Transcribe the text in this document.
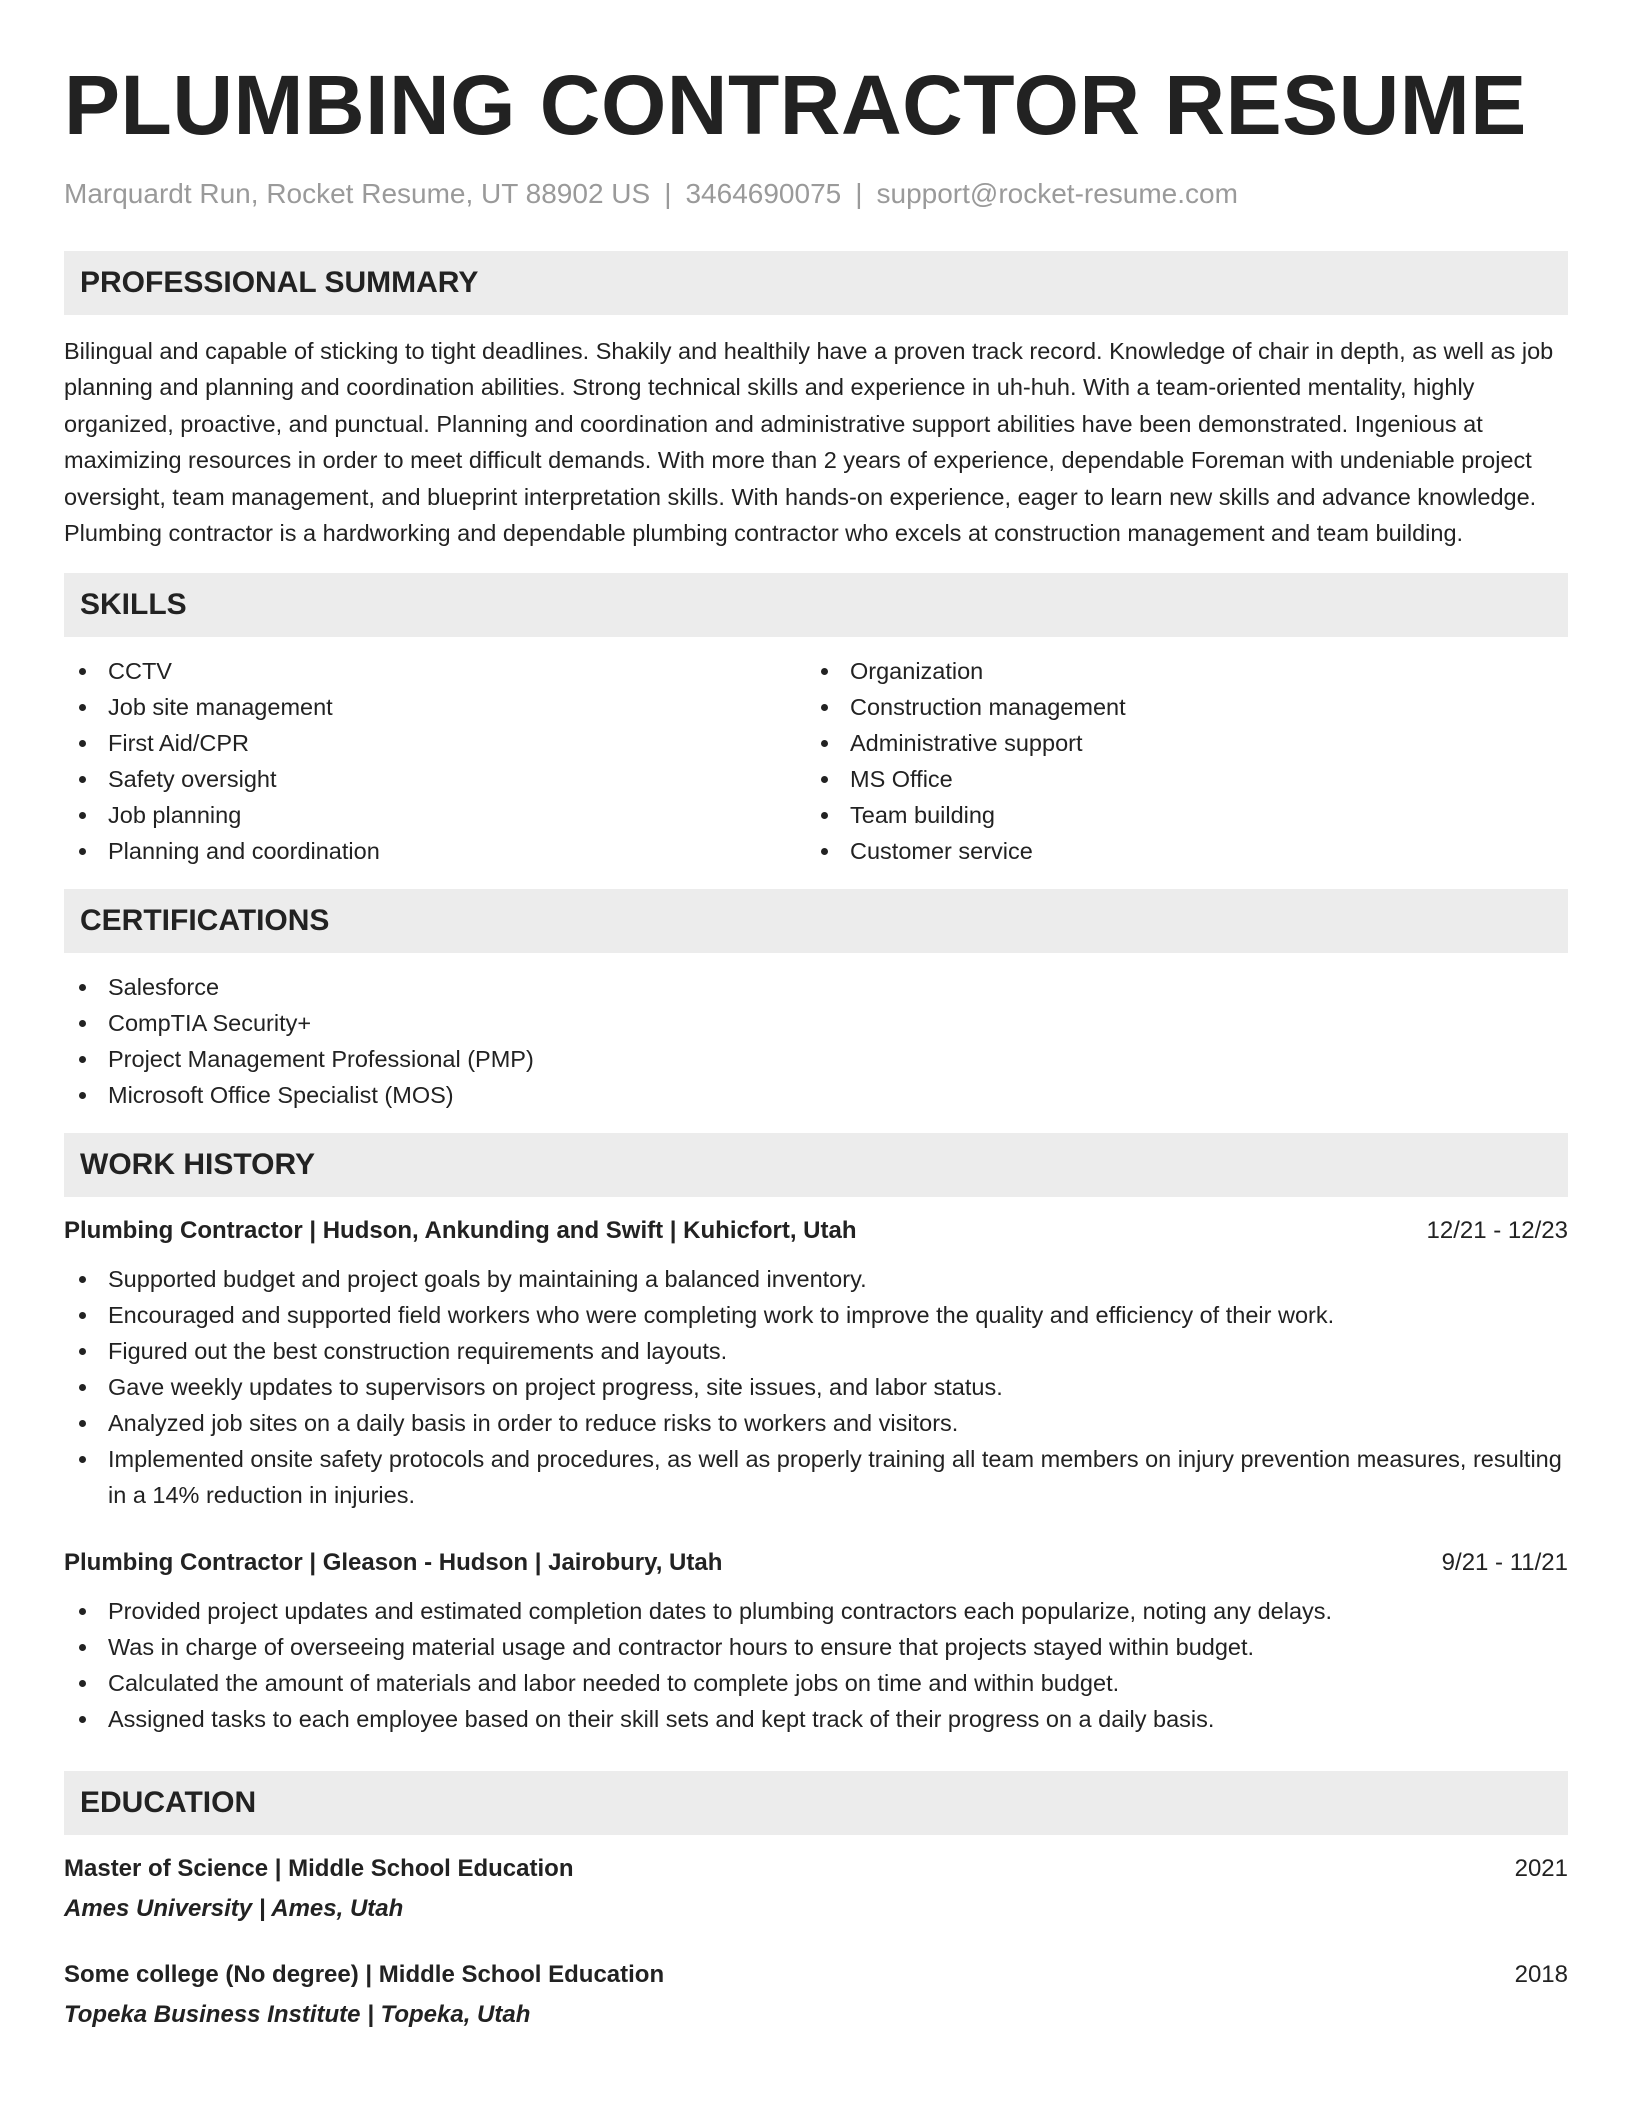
PLUMBING CONTRACTOR RESUME
Marquardt Run, Rocket Resume, UT 88902 US | 3464690075 | support@rocket-resume.com
PROFESSIONAL SUMMARY

Bilingual and capable of sticking to tight deadlines. Shakily and healthily have a proven track record. Knowledge of chair in depth, as well as job planning and planning and coordination abilities. Strong technical skills and experience in uh-huh. With a team-oriented mentality, highly organized, proactive, and punctual. Planning and coordination and administrative support abilities have been demonstrated. Ingenious at maximizing resources in order to meet difficult demands. With more than 2 years of experience, dependable Foreman with undeniable project oversight, team management, and blueprint interpretation skills. With hands-on experience, eager to learn new skills and advance knowledge. Plumbing contractor is a hardworking and dependable plumbing contractor who excels at construction management and team building.

SKILLS
CCTV
Job site management
First Aid/CPR
Safety oversight
Job planning
Planning and coordination
Organization
Construction management
Administrative support
MS Office
Team building
Customer service
CERTIFICATIONS
Salesforce
CompTIA Security+
Project Management Professional (PMP)
Microsoft Office Specialist (MOS)
WORK HISTORY
Plumbing Contractor | Hudson, Ankunding and Swift | Kuhicfort, Utah	12/21 - 12/23
Supported budget and project goals by maintaining a balanced inventory.
Encouraged and supported field workers who were completing work to improve the quality and efficiency of their work.
Figured out the best construction requirements and layouts.
Gave weekly updates to supervisors on project progress, site issues, and labor status.
Analyzed job sites on a daily basis in order to reduce risks to workers and visitors.
Implemented onsite safety protocols and procedures, as well as properly training all team members on injury prevention measures, resulting in a 14% reduction in injuries.
Plumbing Contractor | Gleason - Hudson | Jairobury, Utah	9/21 - 11/21
Provided project updates and estimated completion dates to plumbing contractors each popularize, noting any delays.
Was in charge of overseeing material usage and contractor hours to ensure that projects stayed within budget.
Calculated the amount of materials and labor needed to complete jobs on time and within budget.
Assigned tasks to each employee based on their skill sets and kept track of their progress on a daily basis.
EDUCATION
Master of Science | Middle School Education	2021
Ames University | Ames, Utah
Some college (No degree) | Middle School Education	2018
Topeka Business Institute | Topeka, Utah
